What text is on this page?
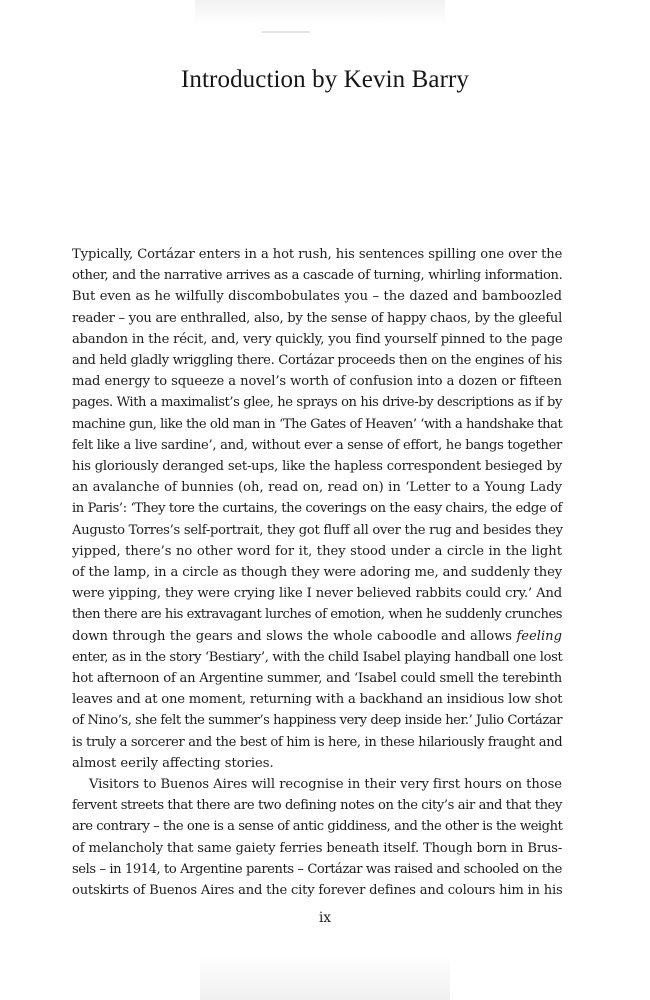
Introduction by Kevin Barry

Typically, Cortázar enters in a hot rush, his sentences spilling one over the
other, and the narrative arrives as a cascade of turning, whirling information.
But even as he wilfully discombobulates you – the dazed and bamboozled
reader – you are enthralled, also, by the sense of happy chaos, by the gleeful
abandon in the récit, and, very quickly, you find yourself pinned to the page
and held gladly wriggling there. Cortázar proceeds then on the engines of his
mad energy to squeeze a novel’s worth of confusion into a dozen or fifteen
pages. With a maximalist’s glee, he sprays on his drive-by descriptions as if by
machine gun, like the old man in ‘The Gates of Heaven’ ‘with a handshake that
felt like a live sardine’, and, without ever a sense of effort, he bangs together
his gloriously deranged set-ups, like the hapless correspondent besieged by
an avalanche of bunnies (oh, read on, read on) in ‘Letter to a Young Lady
in Paris’: ‘They tore the curtains, the coverings on the easy chairs, the edge of
Augusto Torres’s self-portrait, they got fluff all over the rug and besides they
yipped, there’s no other word for it, they stood under a circle in the light
of the lamp, in a circle as though they were adoring me, and suddenly they
were yipping, they were crying like I never believed rabbits could cry.’ And
then there are his extravagant lurches of emotion, when he suddenly crunches
down through the gears and slows the whole caboodle and allows feeling
enter, as in the story ‘Bestiary’, with the child Isabel playing handball one lost
hot afternoon of an Argentine summer, and ‘Isabel could smell the terebinth
leaves and at one moment, returning with a backhand an insidious low shot
of Nino’s, she felt the summer’s happiness very deep inside her.’ Julio Cortázar
is truly a sorcerer and the best of him is here, in these hilariously fraught and
almost eerily affecting stories.

Visitors to Buenos Aires will recognise in their very first hours on those
fervent streets that there are two defining notes on the city’s air and that they
are contrary – the one is a sense of antic giddiness, and the other is the weight
of melancholy that same gaiety ferries beneath itself. Though born in Brus-
sels – in 1914, to Argentine parents – Cortázar was raised and schooled on the
outskirts of Buenos Aires and the city forever defines and colours him in his

ix
